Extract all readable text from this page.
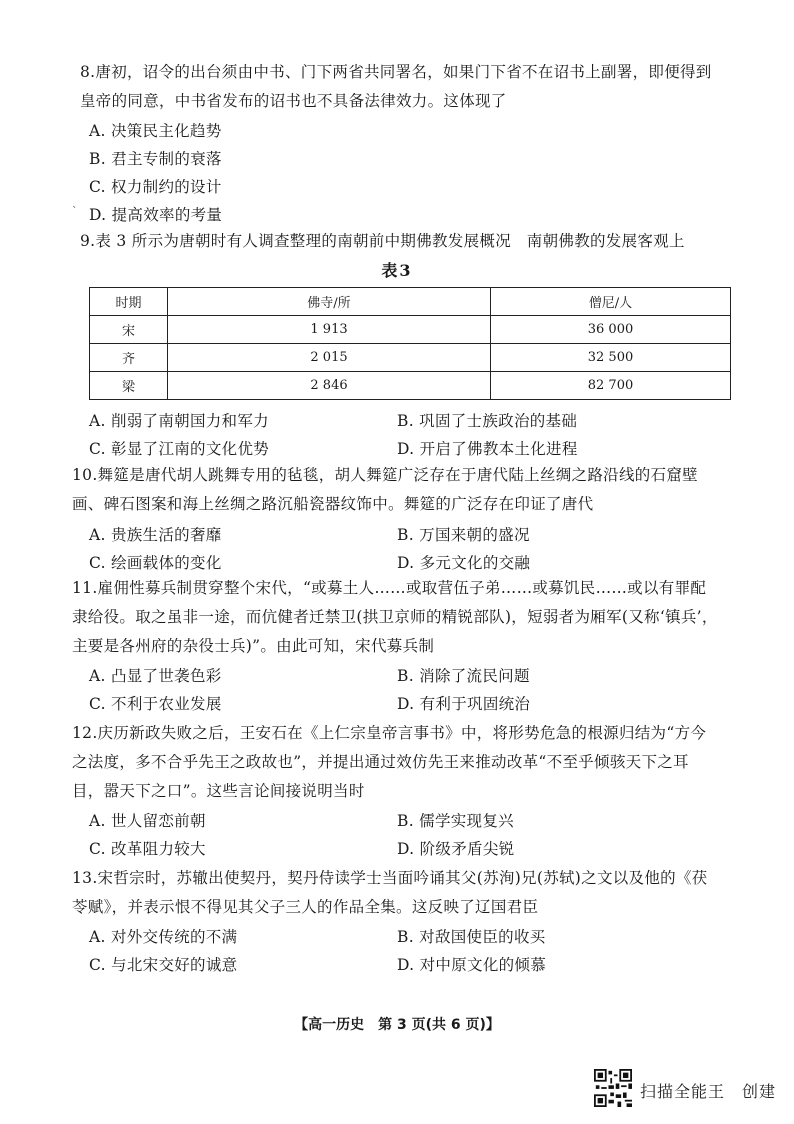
8.唐初，诏令的出台须由中书、门下两省共同署名，如果门下省不在诏书上副署，即便得到皇帝的同意，中书省发布的诏书也不具备法律效力。这体现了
A. 决策民主化趋势
B. 君主专制的衰落
C. 权力制约的设计
D. 提高效率的考量
9.表 3 所示为唐朝时有人调查整理的南朝前中期佛教发展概况　南朝佛教的发展客观上
表3
时期	佛寺/所	僧尼/人
宋	1 913	36 000
齐	2 015	32 500
梁	2 846	82 700
A. 削弱了南朝国力和军力	B. 巩固了士族政治的基础
C. 彰显了江南的文化优势	D. 开启了佛教本土化进程
10.舞筵是唐代胡人跳舞专用的毡毯，胡人舞筵广泛存在于唐代陆上丝绸之路沿线的石窟壁画、碑石图案和海上丝绸之路沉船瓷器纹饰中。舞筵的广泛存在印证了唐代
A. 贵族生活的奢靡	B. 万国来朝的盛况
C. 绘画载体的变化	D. 多元文化的交融
11.雇佣性募兵制贯穿整个宋代，“或募土人……或取营伍子弟……或募饥民……或以有罪配隶给役。取之虽非一途，而伉健者迁禁卫(拱卫京师的精锐部队)，短弱者为厢军(又称‘镇兵’，主要是各州府的杂役士兵)”。由此可知，宋代募兵制
A. 凸显了世袭色彩	B. 消除了流民问题
C. 不利于农业发展	D. 有利于巩固统治
12.庆历新政失败之后，王安石在《上仁宗皇帝言事书》中，将形势危急的根源归结为“方今之法度，多不合乎先王之政故也”，并提出通过效仿先王来推动改革“不至乎倾骇天下之耳目，嚣天下之口”。这些言论间接说明当时
A. 世人留恋前朝	B. 儒学实现复兴
C. 改革阻力较大	D. 阶级矛盾尖锐
13.宋哲宗时，苏辙出使契丹，契丹侍读学士当面吟诵其父(苏洵)兄(苏轼)之文以及他的《茯苓赋》，并表示恨不得见其父子三人的作品全集。这反映了辽国君臣
A. 对外交传统的不满	B. 对敌国使臣的收买
C. 与北宋交好的诚意	D. 对中原文化的倾慕
【高一历史　第 3 页(共 6 页)】
扫描全能王　创建
`
